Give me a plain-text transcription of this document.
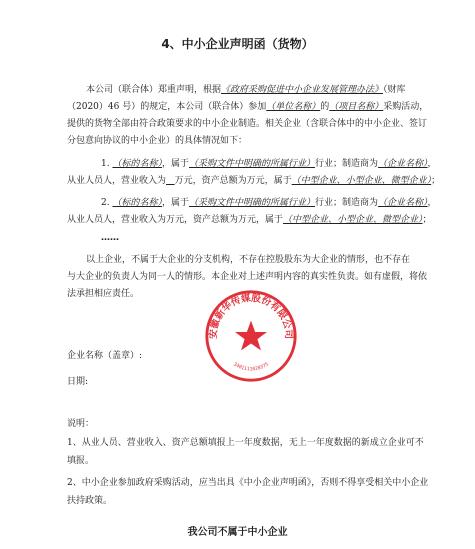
4、中小企业声明函（货物）
本公司（联合体）郑重声明，根据《政府采购促进中小企业发展管理办法》（财库
（2020）46 号）的规定，本公司（联合体）参加（单位名称）的（项目名称）采购活动，
提供的货物全部由符合政策要求的中小企业制造。相关企业（含联合体中的中小企业、签订
分包意向协议的中小企业）的具体情况如下：
1. （标的名称），属于（采购文件中明确的所属行业）行业；制造商为（企业名称），
从业人员人，营业收入为 万元，资产总额为万元，属于（中型企业、小型企业、微型企业）；
2. （标的名称），属于（采购文件中明确的所属行业）行业；制造商为（企业名称），
从业人员人，营业收入为万元，资产总额为万元，属于（中型企业、小型企业、微型企业）；
……
以上企业，不属于大企业的分支机构，不存在控股股东为大企业的情形，也不存在
与大企业的负责人为同一人的情形。本企业对上述声明内容的真实性负责。如有虚假，将依
法承担相应责任。
安徽新华传媒股份有限公司
3401111020375
企业名称（盖章）:
日期:
说明：
1、从业人员、营业收入、资产总额填报上一年度数据，无上一年度数据的新成立企业可不
填报。
2、中小企业参加政府采购活动，应当出具《中小企业声明函》，否则不得享受相关中小企业
扶持政策。
我公司不属于中小企业
